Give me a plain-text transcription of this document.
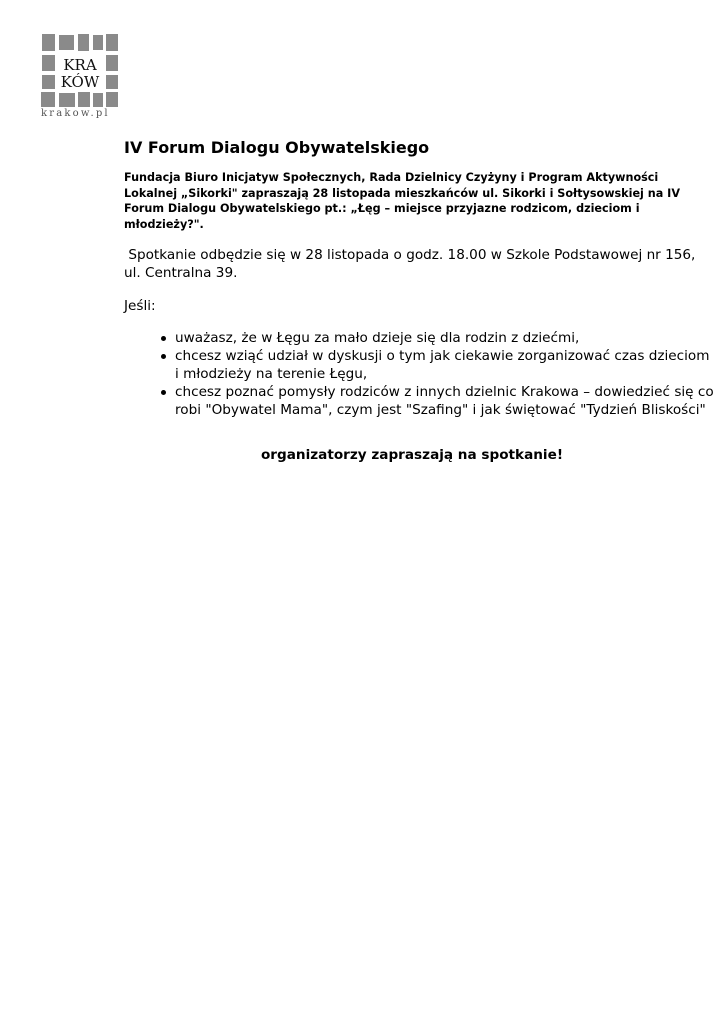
KRA
KÓW
krakow.pl
IV Forum Dialogu Obywatelskiego
Fundacja Biuro Inicjatyw Społecznych, Rada Dzielnicy Czyżyny i Program Aktywności Lokalnej „Sikorki" zapraszają 28 listopada mieszkańców ul. Sikorki i Sołtysowskiej na IV Forum Dialogu Obywatelskiego pt.: „Łęg – miejsce przyjazne rodzicom, dzieciom i młodzieży?".
Spotkanie odbędzie się w 28 listopada o godz. 18.00 w Szkole Podstawowej nr 156, ul. Centralna 39.
Jeśli:
uważasz, że w Łęgu za mało dzieje się dla rodzin z dziećmi,
chcesz wziąć udział w dyskusji o tym jak ciekawie zorganizować czas dzieciom i młodzieży na terenie Łęgu,
chcesz poznać pomysły rodziców z innych dzielnic Krakowa – dowiedzieć się co robi "Obywatel Mama", czym jest "Szafing" i jak świętować "Tydzień Bliskości"
organizatorzy zapraszają na spotkanie!
